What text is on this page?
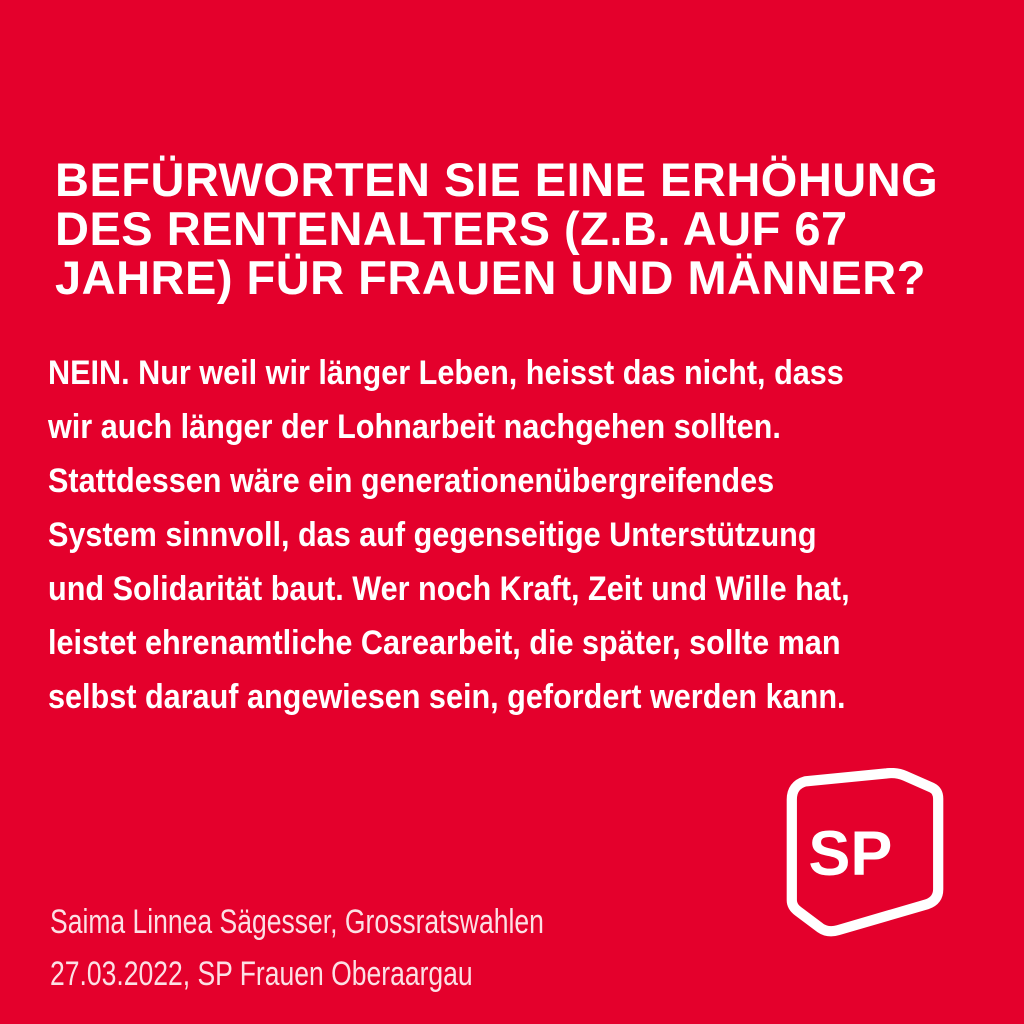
BEFÜRWORTEN SIE EINE ERHÖHUNG
DES RENTENALTERS (Z.B. AUF 67
JAHRE) FÜR FRAUEN UND MÄNNER?
NEIN. Nur weil wir länger Leben, heisst das nicht, dass
wir auch länger der Lohnarbeit nachgehen sollten.
Stattdessen wäre ein generationenübergreifendes
System sinnvoll, das auf gegenseitige Unterstützung
und Solidarität baut. Wer noch Kraft, Zeit und Wille hat,
leistet ehrenamtliche Carearbeit, die später, sollte man
selbst darauf angewiesen sein, gefordert werden kann.
Saima Linnea Sägesser, Grossratswahlen
27.03.2022, SP Frauen Oberaargau
SP
